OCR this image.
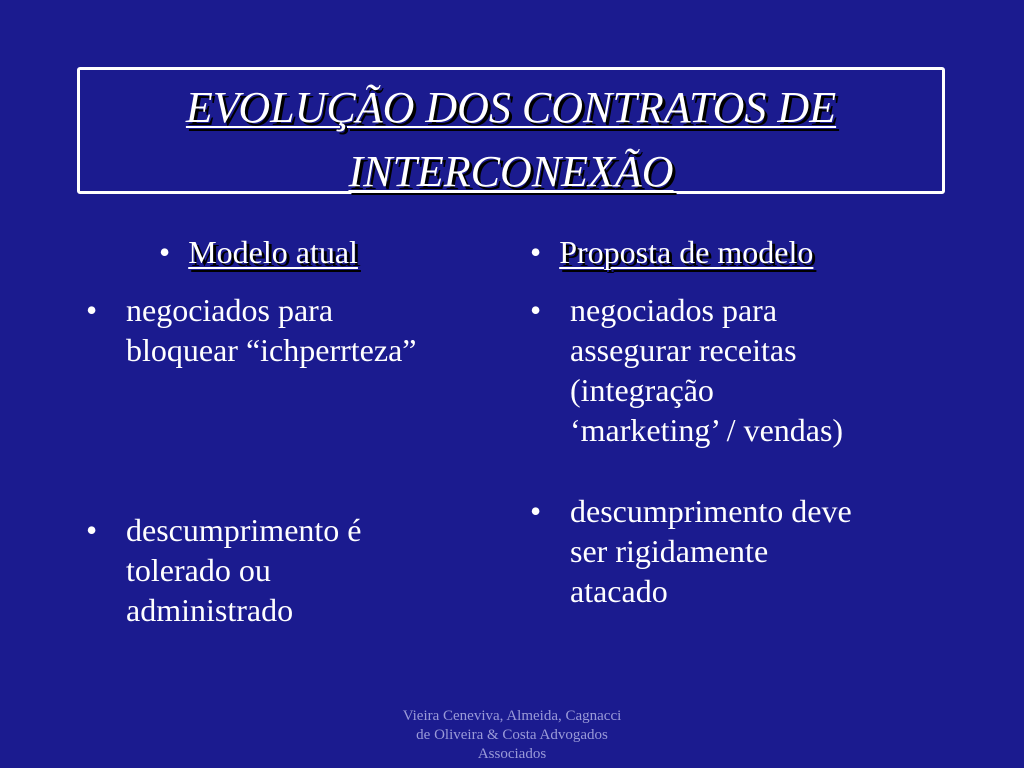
EVOLUÇÃO DOS CONTRATOS DE
INTERCONEXÃO
• Modelo atual
• negociados para
bloquear “ichperrteza”
• descumprimento é
tolerado ou
administrado
• Proposta de modelo
• negociados para
assegurar receitas
(integração
‘marketing’ / vendas)
• descumprimento deve
ser rigidamente
atacado
Vieira Ceneviva, Almeida, Cagnacci
de Oliveira & Costa Advogados
Associados
